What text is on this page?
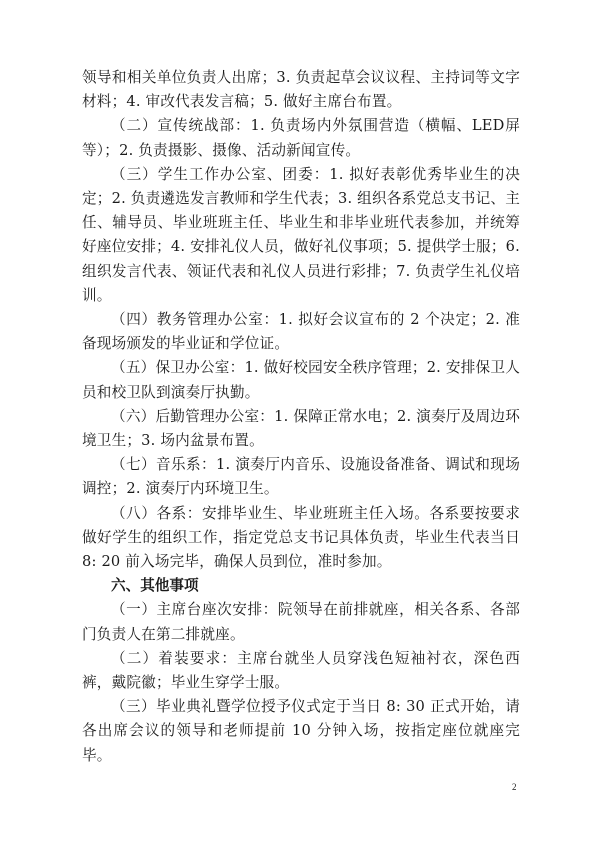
领导和相关单位负责人出席；3. 负责起草会议议程、主持词等文字材料；4. 审改代表发言稿；5. 做好主席台布置。

（二）宣传统战部：1. 负责场内外氛围营造（横幅、LED屏等）；2. 负责摄影、摄像、活动新闻宣传。

（三）学生工作办公室、团委：1. 拟好表彰优秀毕业生的决定；2. 负责遴选发言教师和学生代表；3. 组织各系党总支书记、主任、辅导员、毕业班班主任、毕业生和非毕业班代表参加，并统筹好座位安排；4. 安排礼仪人员，做好礼仪事项；5. 提供学士服；6. 组织发言代表、领证代表和礼仪人员进行彩排；7. 负责学生礼仪培训。

（四）教务管理办公室：1. 拟好会议宣布的 2 个决定；2. 准备现场颁发的毕业证和学位证。

（五）保卫办公室：1. 做好校园安全秩序管理；2. 安排保卫人员和校卫队到演奏厅执勤。

（六）后勤管理办公室：1. 保障正常水电；2. 演奏厅及周边环境卫生；3. 场内盆景布置。

（七）音乐系：1. 演奏厅内音乐、设施设备准备、调试和现场调控；2. 演奏厅内环境卫生。

（八）各系：安排毕业生、毕业班班主任入场。各系要按要求做好学生的组织工作，指定党总支书记具体负责，毕业生代表当日 8: 20 前入场完毕，确保人员到位，准时参加。

六、其他事项

（一）主席台座次安排：院领导在前排就座，相关各系、各部门负责人在第二排就座。

（二）着装要求：主席台就坐人员穿浅色短袖衬衣，深色西裤，戴院徽；毕业生穿学士服。

（三）毕业典礼暨学位授予仪式定于当日 8: 30 正式开始，请各出席会议的领导和老师提前 10 分钟入场，按指定座位就座完毕。

2
